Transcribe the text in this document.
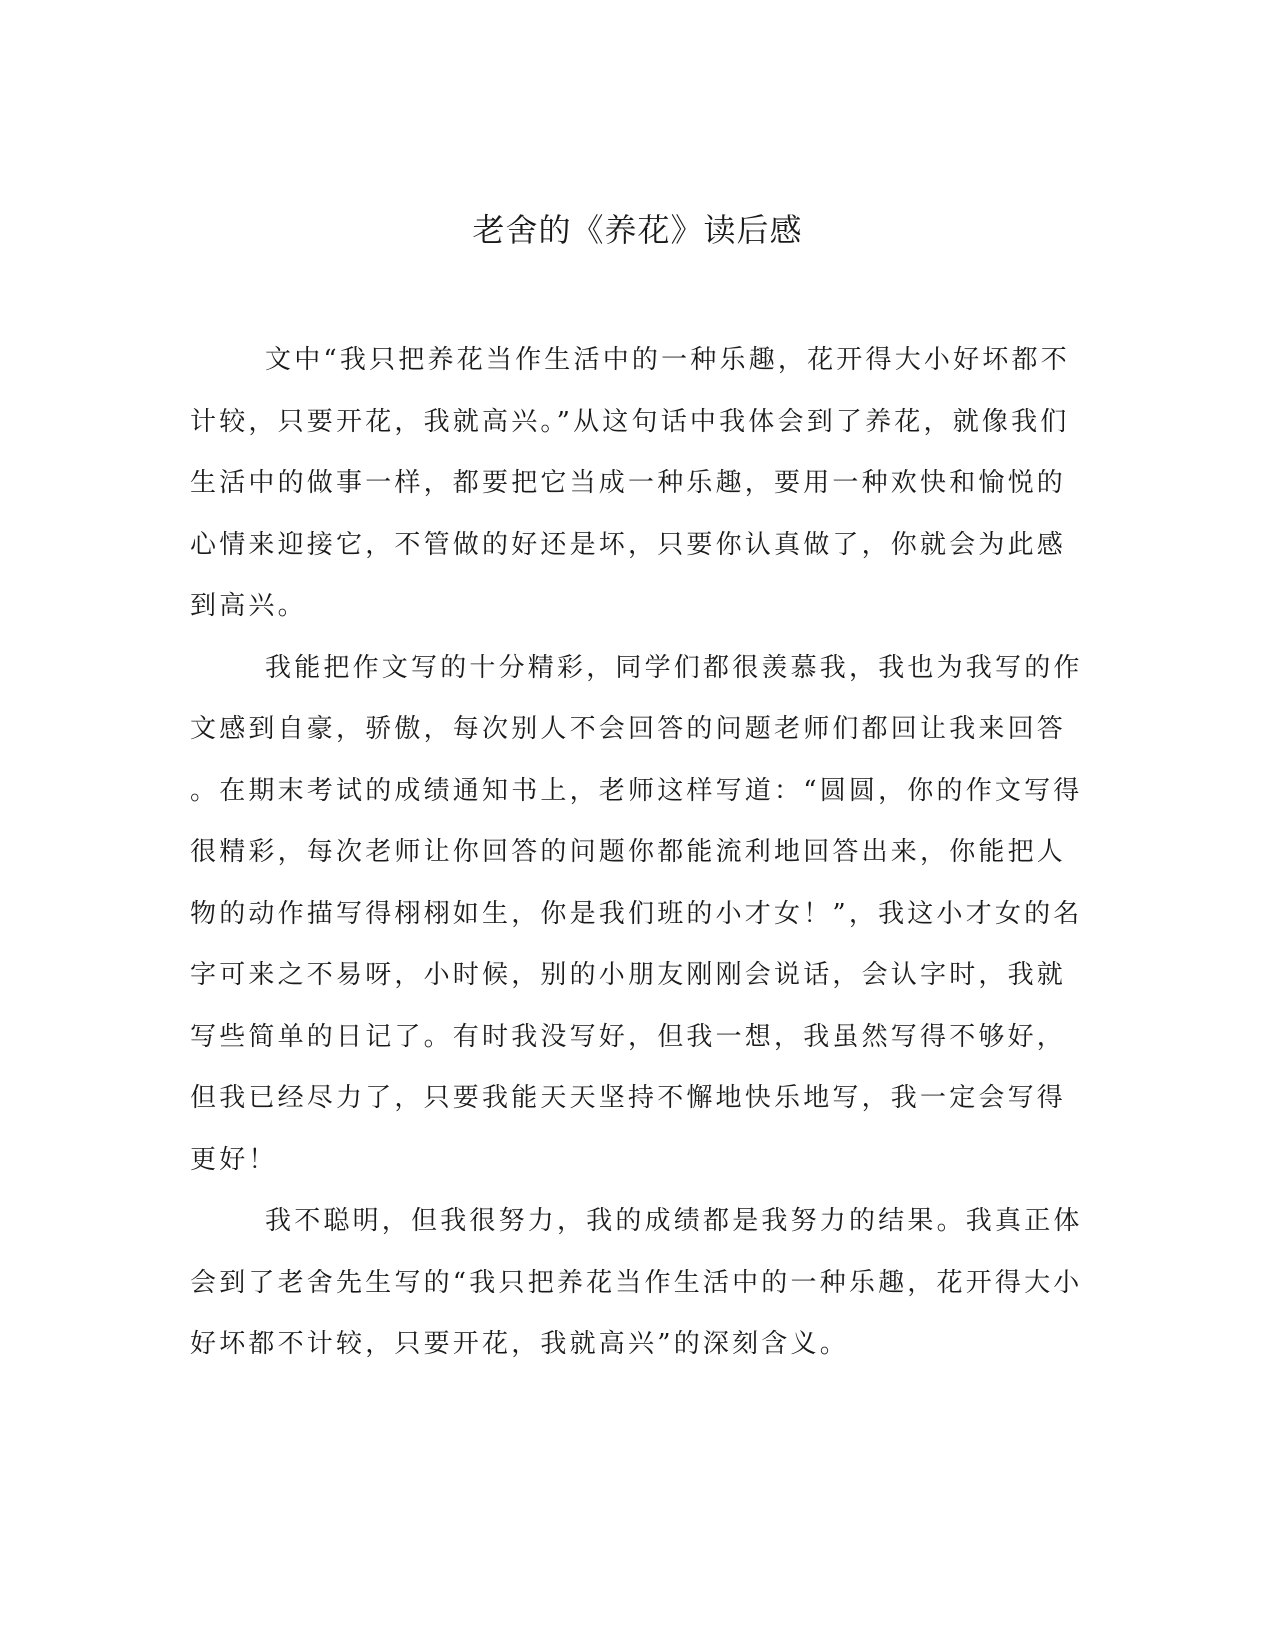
老舍的《养花》读后感
文中“我只把养花当作生活中的一种乐趣，花开得大小好坏都不
计较，只要开花，我就高兴。”从这句话中我体会到了养花，就像我们
生活中的做事一样，都要把它当成一种乐趣，要用一种欢快和愉悦的
心情来迎接它，不管做的好还是坏，只要你认真做了，你就会为此感
到高兴。
我能把作文写的十分精彩，同学们都很羡慕我，我也为我写的作
文感到自豪，骄傲，每次别人不会回答的问题老师们都回让我来回答
。在期末考试的成绩通知书上，老师这样写道：“圆圆，你的作文写得
很精彩，每次老师让你回答的问题你都能流利地回答出来，你能把人
物的动作描写得栩栩如生，你是我们班的小才女！”，我这小才女的名
字可来之不易呀，小时候，别的小朋友刚刚会说话，会认字时，我就
写些简单的日记了。有时我没写好，但我一想，我虽然写得不够好，
但我已经尽力了，只要我能天天坚持不懈地快乐地写，我一定会写得
更好！
我不聪明，但我很努力，我的成绩都是我努力的结果。我真正体
会到了老舍先生写的“我只把养花当作生活中的一种乐趣，花开得大小
好坏都不计较，只要开花，我就高兴”的深刻含义。
